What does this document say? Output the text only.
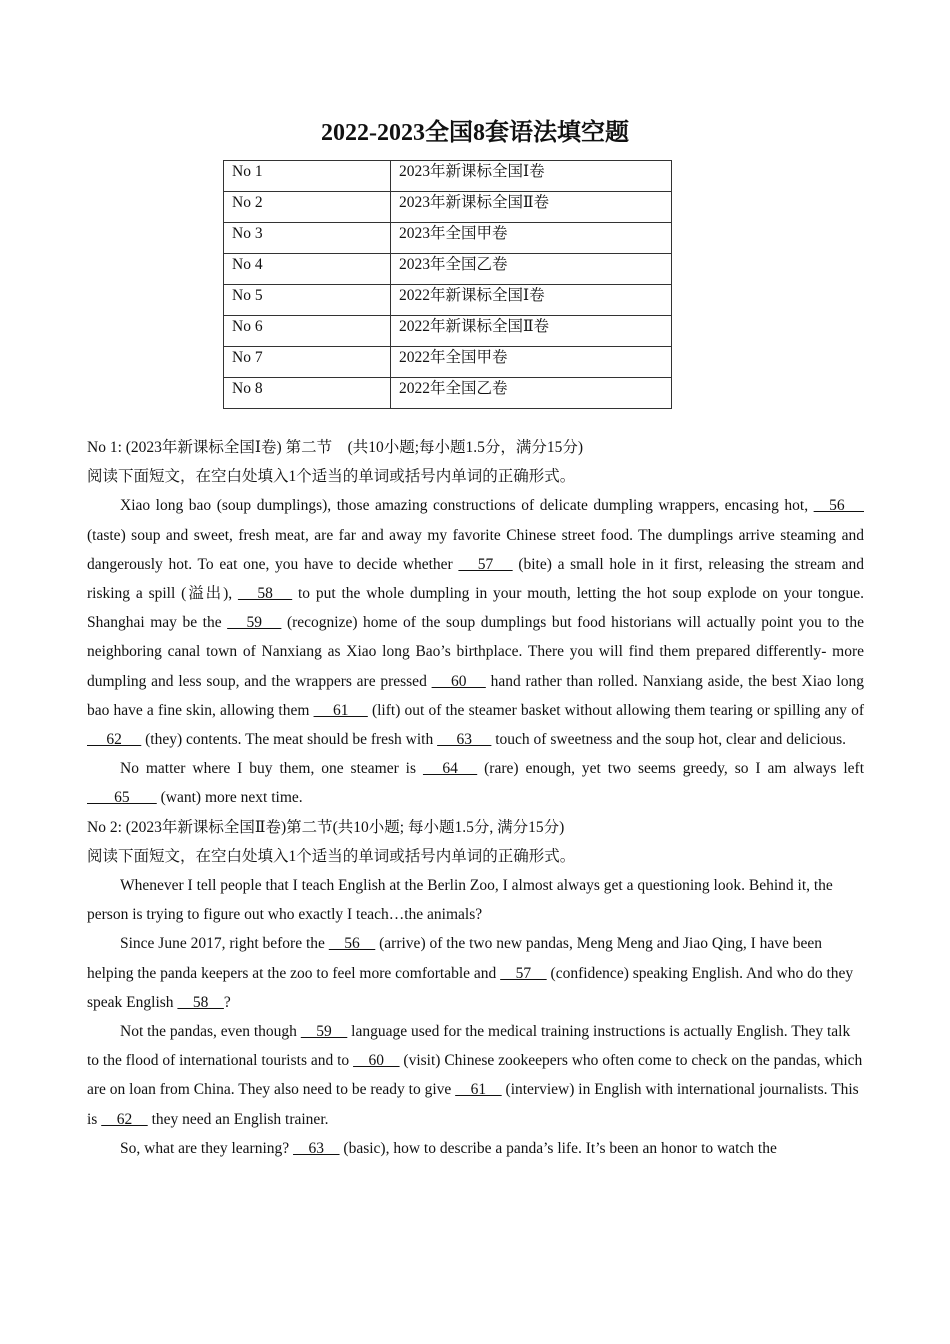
2022-2023全国8套语法填空题
No 1	2023年新课标全国Ⅰ卷
No 2	2023年新课标全国Ⅱ卷
No 3	2023年全国甲卷
No 4	2023年全国乙卷
No 5	2022年新课标全国Ⅰ卷
No 6	2022年新课标全国Ⅱ卷
No 7	2022年全国甲卷
No 8	2022年全国乙卷

No 1: (2023年新课标全国Ⅰ卷) 第二节　(共10小题;每小题1.5分，满分15分)

阅读下面短文，在空白处填入1个适当的单词或括号内单词的正确形式。

Xiao long bao (soup dumplings), those amazing constructions of delicate dumpling wrappers, encasing hot,     56      (taste) soup and sweet, fresh meat, are far and away my favorite Chinese street food. The dumplings arrive steaming and dangerously hot. To eat one, you have to decide whether      57      (bite) a small hole in it first, releasing the stream and risking a spill (溢出),      58      to put the whole dumpling in your mouth, letting the hot soup explode on your tongue. Shanghai may be the      59      (recognize) home of the soup dumplings but food historians will actually point you to the neighboring canal town of Nanxiang as Xiao long Bao’s birthplace. There you will find them prepared differently- more dumpling and less soup, and the wrappers are pressed      60      hand rather than rolled. Nanxiang aside, the best Xiao long bao have a fine skin, allowing them      61      (lift) out of the steamer basket without allowing them tearing or spilling any of      62      (they) contents. The meat should be fresh with      63      touch of sweetness and the soup hot, clear and delicious.

No matter where I buy them, one steamer is      64      (rare) enough, yet two seems greedy, so I am always left        65        (want) more next time.

No 2: (2023年新课标全国Ⅱ卷)第二节(共10小题; 每小题1.5分, 满分15分)

阅读下面短文，在空白处填入1个适当的单词或括号内单词的正确形式。

Whenever I tell people that I teach English at the Berlin Zoo, I almost always get a questioning look. Behind it, the person is trying to figure out who exactly I teach…the animals?

Since June 2017, right before the     56     (arrive) of the two new pandas, Meng Meng and Jiao Qing, I have been helping the panda keepers at the zoo to feel more comfortable and     57     (confidence) speaking English. And who do they speak English     58    ?

Not the pandas, even though     59     language used for the medical training instructions is actually English. They talk to the flood of international tourists and to     60     (visit) Chinese zookeepers who often come to check on the pandas, which are on loan from China. They also need to be ready to give     61     (interview) in English with international journalists. This is     62     they need an English trainer.

So, what are they learning?     63     (basic), how to describe a panda’s life. It’s been an honor to watch the
